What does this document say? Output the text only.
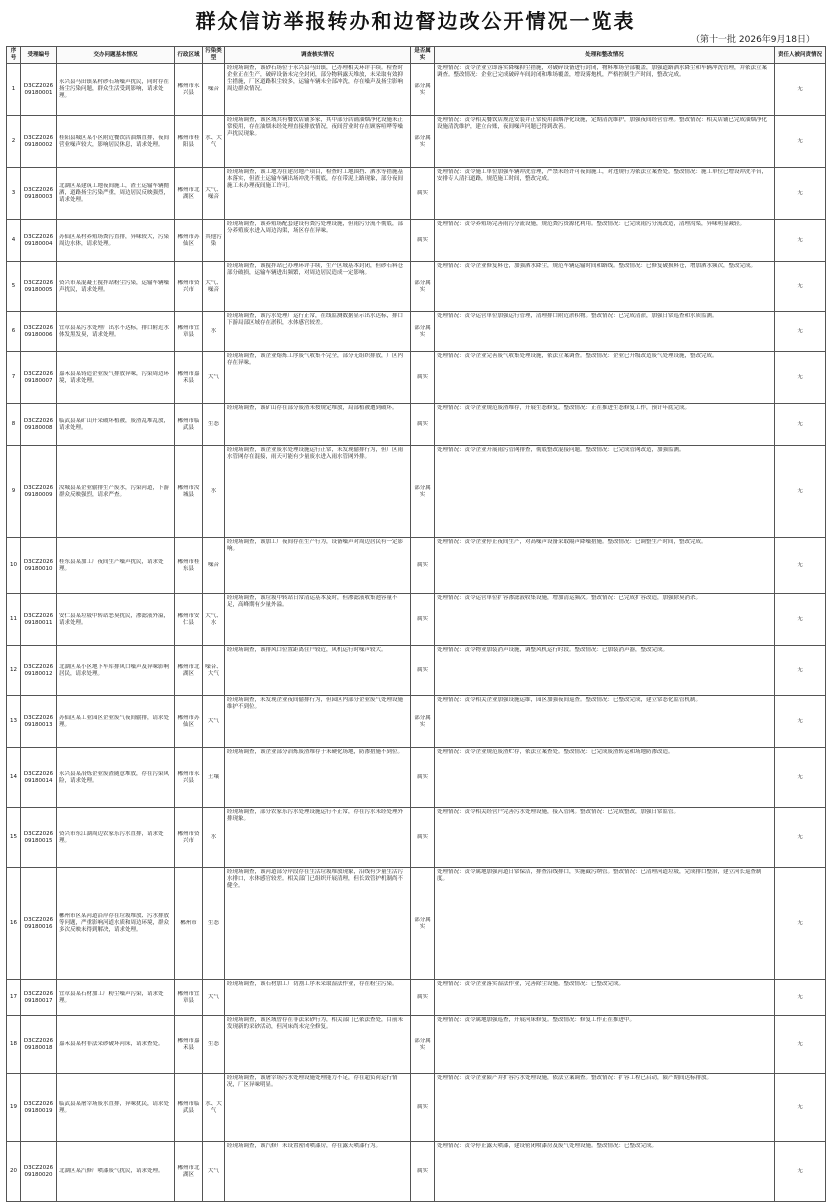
群众信访举报转办和边督边改公开情况一览表
（第十一批 2026年9月18日）
序号	受理编号	交办问题基本情况	行政区域	污染类型	调查核实情况	是否属实	处理和整改情况	责任人被问责情况

1	D3CZ2026 09180001	永兴县马田镇某村砂石场噪声扰民，同时存在扬尘污染问题，群众生活受到影响，请求处理。	郴州市永兴县	噪音	经现场调查，该砂石场位于永兴县马田镇，已办理相关环评手续。检查时企业正在生产，破碎设备未完全封闭，部分物料露天堆放，未采取有效抑尘措施，厂区道路积尘较多，运输车辆未全部冲洗，存在噪声及扬尘影响周边群众情况。	部分属实	处理情况：责令企业立即落实降噪抑尘措施，对破碎设备进行封闭，物料堆场全部覆盖，加强道路洒水降尘和车辆冲洗管理，并依法立案调查。整改情况：企业已完成破碎车间封闭和堆场覆盖，增设雾炮机，严格控制生产时间，整改完成。	无

2	D3CZ2026 09180002	桂阳县城区某小区附近餐饮店油烟直排，夜间营业噪声较大，影响居民休息，请求处理。	郴州市桂阳县	水、大气	经现场调查，该区域共有餐饮店铺多家，其中部分店铺油烟净化设施未正常使用，存在油烟未经处理直接排放情况，夜间营业时存在顾客喧哗等噪声扰民现象。	部分属实	处理情况：责令相关餐饮店规范安装并正常使用油烟净化设施，定期清洗维护，加强夜间经营管理。整改情况：相关店铺已完成油烟净化设施清洗维护，建立台账，夜间噪声问题已得到改善。	无

3	D3CZ2026 09180003	北湖区某建筑工地夜间施工，渣土运输车辆抛洒，道路扬尘污染严重，周边居民反映强烈，请求处理。	郴州市北湖区	大气、噪音	经现场调查，该工地为在建房地产项目，检查时工地围挡、洒水等措施基本落实，但渣土运输车辆出场冲洗不彻底，存在带泥上路现象，部分夜间施工未办理夜间施工许可。	属实	处理情况：责令施工单位加强车辆冲洗管理，严禁未经许可夜间施工，对违规行为依法立案查处。整改情况：施工单位已增设冲洗平台，安排专人清扫道路，规范施工时间，整改完成。	无

4	D3CZ2026 09180004	苏仙区某村养殖场粪污直排，异味较大，污染周边水体，请求处理。	郴州市苏仙区	其他污染	经现场调查，该养殖场配套建设有粪污处理设施，但雨污分流不彻底，部分养殖废水进入周边沟渠，场区存在异味。	属实	处理情况：责令养殖场完善雨污分流设施，规范粪污资源化利用。整改情况：已完成雨污分流改造，清理沟渠，异味明显减轻。	无

5	D3CZ2026 09180005	资兴市某混凝土搅拌站粉尘污染，运输车辆噪声扰民，请求处理。	郴州市资兴市	大气、噪音	经现场调查，该搅拌站已办理环评手续，生产区域基本封闭，但砂石料仓部分破损，运输车辆进出频繁，对周边居民造成一定影响。	部分属实	处理情况：责令企业修复料仓，加强洒水降尘，规范车辆运输时间和路线。整改情况：已修复破损料仓，增加洒水频次，整改完成。	无

6	D3CZ2026 09180006	宜章县某污水处理厂出水不达标，排口附近水体发黑发臭，请求处理。	郴州市宜章县	水	经现场调查，该污水处理厂运行正常，在线监测数据显示出水达标，排口下游局部区域存在淤积，水体感官较差。	部分属实	处理情况：责令运营单位加强运行管理，清理排口附近淤积物。整改情况：已完成清淤，加强日常巡查和水质监测。	无

7	D3CZ2026 09180007	嘉禾县某铸造企业废气排放异味，污染周边环境，请求处理。	郴州市嘉禾县	大气	经现场调查，该企业熔炼工序废气收集不完全，部分无组织排放，厂区内存在异味。	属实	处理情况：责令企业完善废气收集处理设施，依法立案调查。整改情况：企业已升级改造废气处理设施，整改完成。	无

8	D3CZ2026 09180008	临武县某矿山开采破坏植被，废渣乱堆乱放，请求处理。	郴州市临武县	生态	经现场调查，该矿山存在部分废渣未按规定堆放，局部植被遭到破坏。	属实	处理情况：责令企业规范废渣堆存，开展生态修复。整改情况：正在推进生态修复工作，预计年底完成。	无

9	D3CZ2026 09180009	汝城县某企业偷排生产废水，污染河道，下游群众反映强烈，请求严查。	郴州市汝城县	水	经现场调查，该企业废水处理设施运行正常，未发现偷排行为，但厂区雨水管网存在混接，雨天可能有少量废水进入雨水管网外排。	部分属实	处理情况：责令企业开展雨污管网排查，彻底整改混接问题。整改情况：已完成管网改造，加强监测。	无

10	D3CZ2026 09180010	桂东县某加工厂夜间生产噪声扰民，请求处理。	郴州市桂东县	噪音	经现场调查，该加工厂夜间存在生产行为，设备噪声对周边居民有一定影响。	属实	处理情况：责令企业停止夜间生产，对高噪声设备采取隔声降噪措施。整改情况：已调整生产时间，整改完成。	无

11	D3CZ2026 09180011	安仁县某垃圾中转站恶臭扰民，渗滤液外溢，请求处理。	郴州市安仁县	大气、水	经现场调查，该垃圾中转站日常清运基本及时，但渗滤液收集池容量不足，高峰期有少量外溢。	属实	处理情况：责令运营单位扩容渗滤液收集设施，增加清运频次。整改情况：已完成扩容改造，加强除臭消杀。	无

12	D3CZ2026 09180012	北湖区某小区地下车库排风口噪声及异味影响居民，请求处理。	郴州市北湖区	噪音、大气	经现场调查，该排风口位置距离住户较近，风机运行时噪声较大。	属实	处理情况：责令物业加装消声设施，调整风机运行时段。整改情况：已加装消声器，整改完成。	无

13	D3CZ2026 09180013	苏仙区某工业园区企业废气夜间偷排，请求处理。	郴州市苏仙区	大气	经现场调查，未发现企业夜间偷排行为，但园区内部分企业废气处理设施维护不到位。	部分属实	处理情况：责令相关企业加强设施运维，园区加强夜间巡查。整改情况：已整改完成，建立常态化监管机制。	无

14	D3CZ2026 09180014	永兴县某冶炼企业废渣随意堆放，存在污染风险，请求处理。	郴州市永兴县	土壤	经现场调查，该企业部分冶炼废渣堆存于未硬化场地，防渗措施不到位。	属实	处理情况：责令企业规范废渣贮存，依法立案查处。整改情况：已完成废渣转运和场地防渗改造。	无

15	D3CZ2026 09180015	资兴市东江湖周边农家乐污水直排，请求处理。	郴州市资兴市	水	经现场调查，部分农家乐污水处理设施运行不正常，存在污水未经处理外排现象。	属实	处理情况：责令相关经营户完善污水处理设施，接入管网。整改情况：已完成整改，加强日常监管。	无

16	D3CZ2026 09180016	郴州市区某河道沿岸存在垃圾堆放、污水排放等问题，严重影响河道水质和周边环境，群众多次反映未得到解决，请求处理。	郴州市	生态	经现场调查，该河道部分岸段存在生活垃圾堆放现象，沿线有少量生活污水排口，水体感官较差。相关部门已组织开展清理，但长效管护机制尚不健全。	部分属实	处理情况：责令属地加强河道日常保洁，排查沿线排口，实施截污纳管。整改情况：已清理河道垃圾，完成排口整治，建立河长巡查制度。	无

17	D3CZ2026 09180017	宜章县某石材加工厂粉尘噪声污染，请求处理。	郴州市宜章县	大气	经现场调查，该石材加工厂切割工序未采取湿法作业，存在粉尘污染。	属实	处理情况：责令企业落实湿法作业，完善除尘设施。整改情况：已整改完成。	无

18	D3CZ2026 09180018	嘉禾县某村非法采砂破坏河床，请求查处。	郴州市嘉禾县	生态	经现场调查，该区域曾存在非法采砂行为，相关部门已依法查处，目前未发现新的采砂活动，但河床尚未完全修复。	部分属实	处理情况：责令属地加强巡查，开展河床修复。整改情况：修复工作正在推进中。	无

19	D3CZ2026 09180019	临武县某屠宰场废水直排，异味扰民，请求处理。	郴州市临武县	水、大气	经现场调查，该屠宰场污水处理设施处理能力不足，存在超负荷运行情况，厂区异味明显。	属实	处理情况：责令企业限产并扩容污水处理设施，依法立案调查。整改情况：扩容工程已启动，限产期间达标排放。	无

20	D3CZ2026 09180020	北湖区某汽修厂喷漆废气扰民，请求处理。	郴州市北湖区	大气	经现场调查，该汽修厂未设置密闭喷漆房，存在露天喷漆行为。	属实	处理情况：责令停止露天喷漆，建设密闭喷漆房及废气处理设施。整改情况：已整改完成。	无
